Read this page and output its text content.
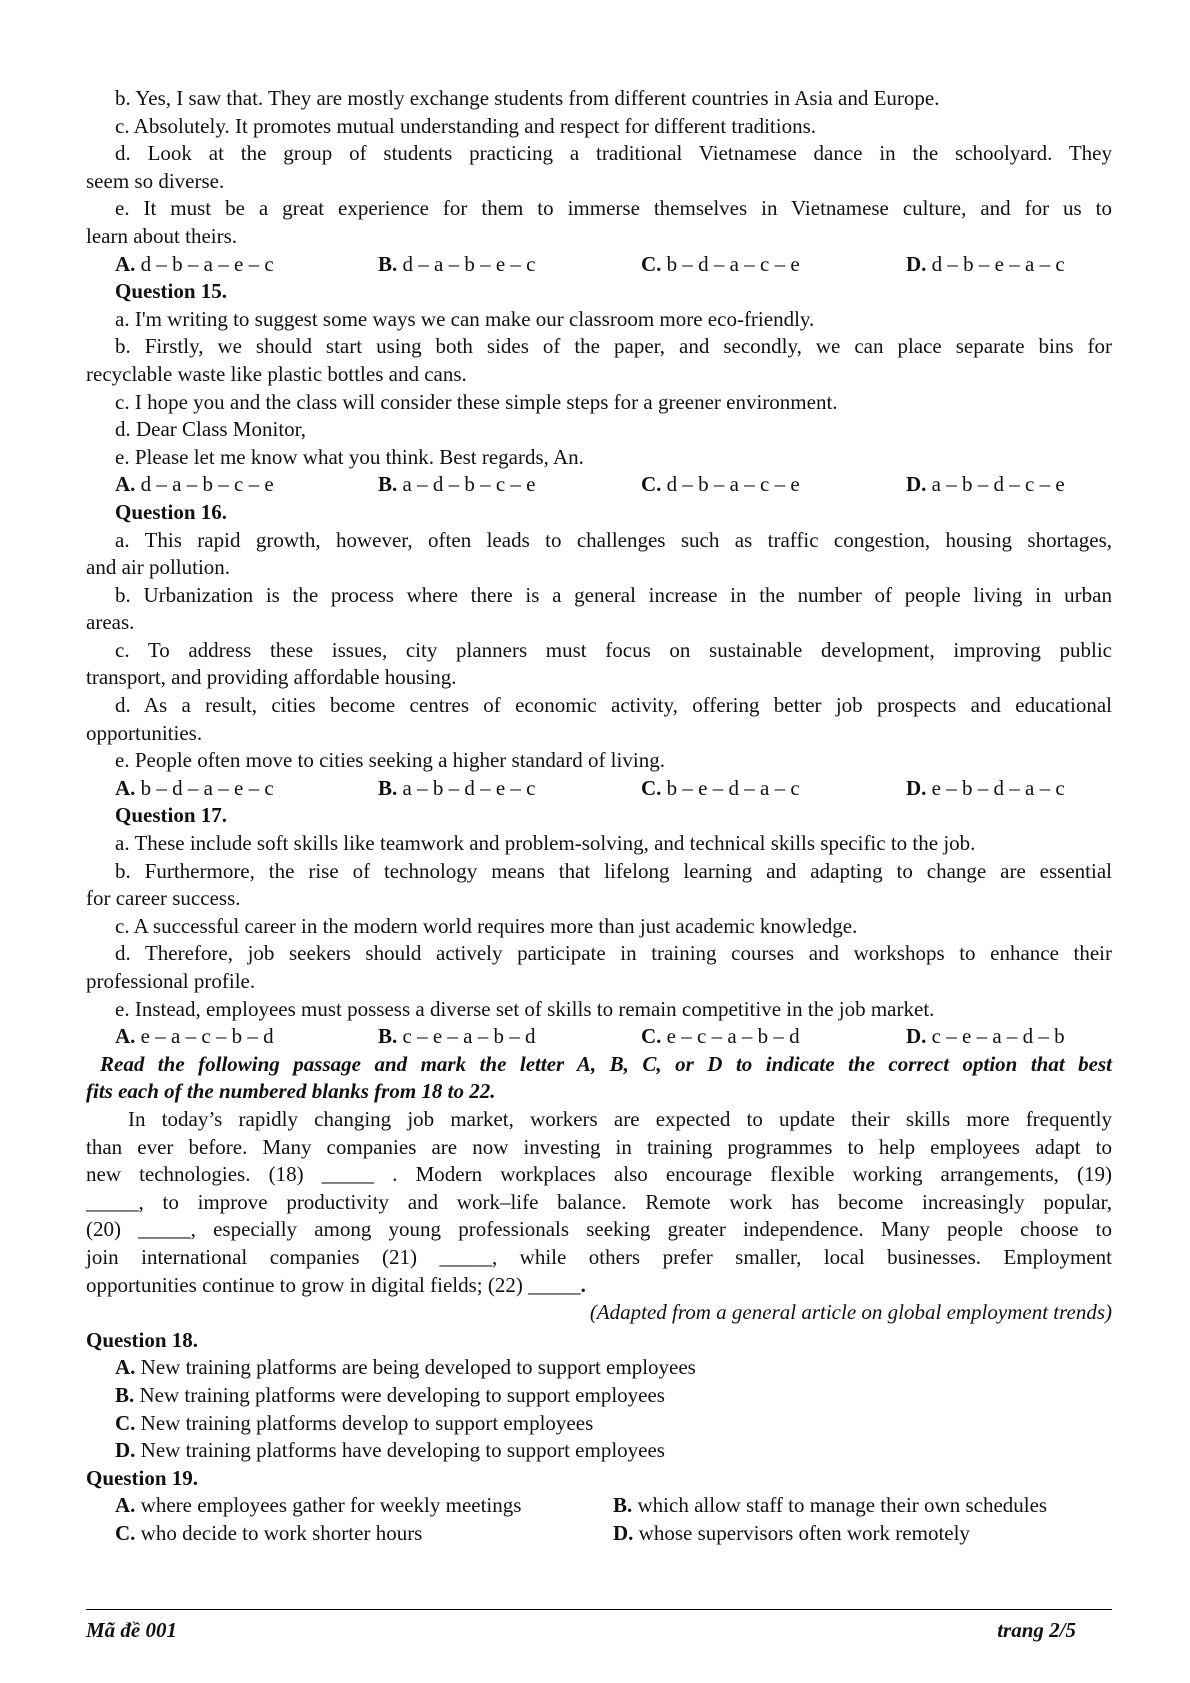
b. Yes, I saw that. They are mostly exchange students from different countries in Asia and Europe.

c. Absolutely. It promotes mutual understanding and respect for different traditions.

d. Look at the group of students practicing a traditional Vietnamese dance in the schoolyard. They

seem so diverse.

e. It must be a great experience for them to immerse themselves in Vietnamese culture, and for us to

learn about theirs.

A. d – b – a – e – c	B. d – a – b – e – c	C. b – d – a – c – e	D. d – b – e – a – c

Question 15.

a. I'm writing to suggest some ways we can make our classroom more eco-friendly.

b. Firstly, we should start using both sides of the paper, and secondly, we can place separate bins for

recyclable waste like plastic bottles and cans.

c. I hope you and the class will consider these simple steps for a greener environment.

d. Dear Class Monitor,

e. Please let me know what you think. Best regards, An.

A. d – a – b – c – e	B. a – d – b – c – e	C. d – b – a – c – e	D. a – b – d – c – e

Question 16.

a. This rapid growth, however, often leads to challenges such as traffic congestion, housing shortages,

and air pollution.

b. Urbanization is the process where there is a general increase in the number of people living in urban

areas.

c. To address these issues, city planners must focus on sustainable development, improving public

transport, and providing affordable housing.

d. As a result, cities become centres of economic activity, offering better job prospects and educational

opportunities.

e. People often move to cities seeking a higher standard of living.

A. b – d – a – e – c	B. a – b – d – e – c	C. b – e – d – a – c	D. e – b – d – a – c

Question 17.

a. These include soft skills like teamwork and problem-solving, and technical skills specific to the job.

b. Furthermore, the rise of technology means that lifelong learning and adapting to change are essential

for career success.

c. A successful career in the modern world requires more than just academic knowledge.

d. Therefore, job seekers should actively participate in training courses and workshops to enhance their

professional profile.

e. Instead, employees must possess a diverse set of skills to remain competitive in the job market.

A. e – a – c – b – d	B. c – e – a – b – d	C. e – c – a – b – d	D. c – e – a – d – b

Read the following passage and mark the letter A, B, C, or D to indicate the correct option that best

fits each of the numbered blanks from 18 to 22.

In today’s rapidly changing job market, workers are expected to update their skills more frequently

than ever before. Many companies are now investing in training programmes to help employees adapt to

new technologies. (18) _____ . Modern workplaces also encourage flexible working arrangements, (19)

_____, to improve productivity and work–life balance. Remote work has become increasingly popular,

(20) _____, especially among young professionals seeking greater independence. Many people choose to

join international companies (21) _____, while others prefer smaller, local businesses. Employment

opportunities continue to grow in digital fields; (22) _____.

(Adapted from a general article on global employment trends)

Question 18.

A. New training platforms are being developed to support employees

B. New training platforms were developing to support employees

C. New training platforms develop to support employees

D. New training platforms have developing to support employees

Question 19.

A. where employees gather for weekly meetings	B. which allow staff to manage their own schedules
C. who decide to work shorter hours	D. whose supervisors often work remotely
Mã đề 001	trang 2/5
